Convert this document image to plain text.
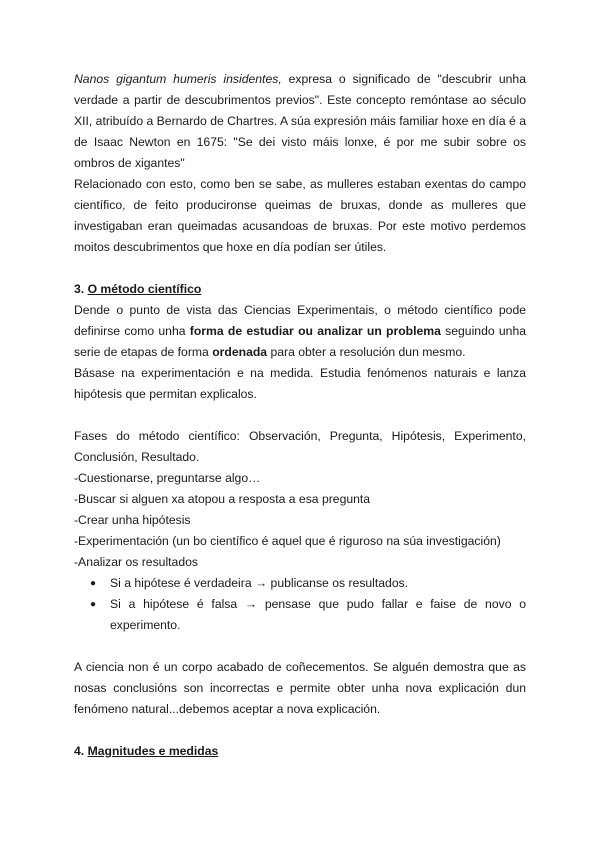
Nanos gigantum humeris insidentes, expresa o significado de "descubrir unha verdade a partir de descubrimentos previos". Este concepto remóntase ao século XII, atribuído a Bernardo de Chartres. A súa expresión máis familiar hoxe en día é a de Isaac Newton en 1675: "Se dei visto máis lonxe, é por me subir sobre os ombros de xigantes"

Relacionado con esto, como ben se sabe, as mulleres estaban exentas do campo científico, de feito producironse queimas de bruxas, donde as mulleres que investigaban eran queimadas acusandoas de bruxas. Por este motivo perdemos moitos descubrimentos que hoxe en día podían ser útiles.

3. O método científico

Dende o punto de vista das Ciencias Experimentais, o método científico pode definirse como unha forma de estudiar ou analizar un problema seguindo unha serie de etapas de forma ordenada para obter a resolución dun mesmo.

Básase na experimentación e na medida. Estudia fenómenos naturais e lanza hipótesis que permitan explicalos.

Fases do método científico: Observación, Pregunta, Hipótesis, Experimento, Conclusión, Resultado.

-Cuestionarse, preguntarse algo…

-Buscar si alguen xa atopou a resposta a esa pregunta

-Crear unha hipótesis

-Experimentación (un bo científico é aquel que é riguroso na súa investigación)

-Analizar os resultados

● Si a hipótese é verdadeira → publicanse os resultados.
● Si a hipótese é falsa → pensase que pudo fallar e faise de novo o experimento.

A ciencia non é un corpo acabado de coñecementos. Se alguén demostra que as nosas conclusións son incorrectas e permite obter unha nova explicación dun fenómeno natural...debemos aceptar a nova explicación.

4. Magnitudes e medidas
